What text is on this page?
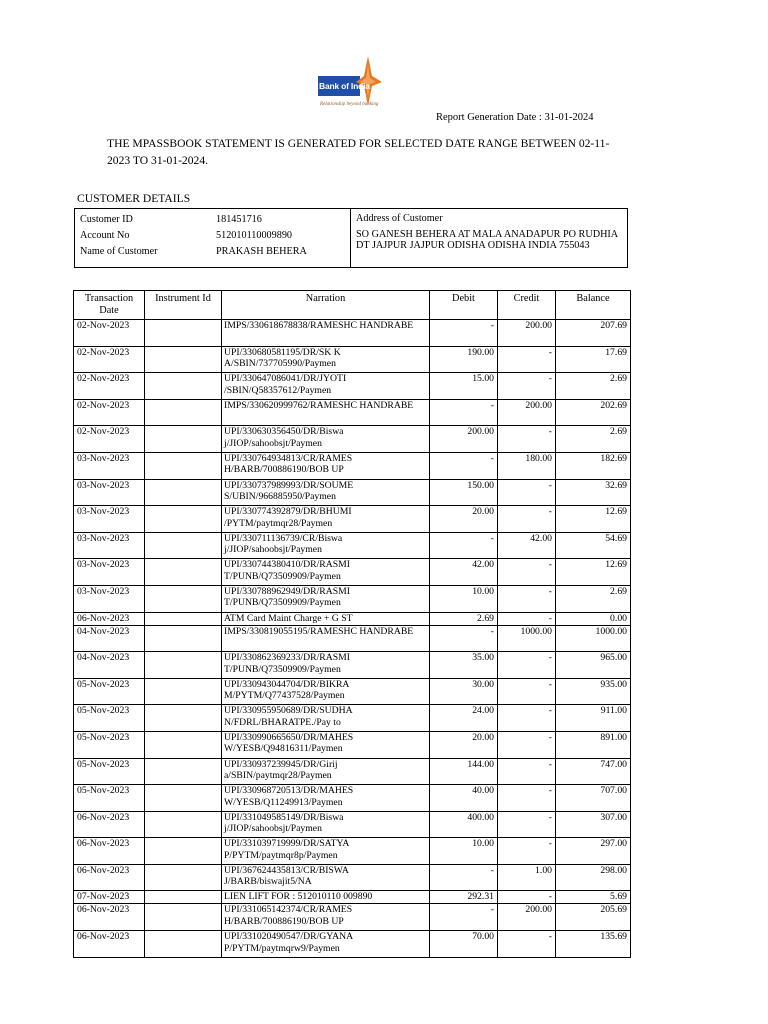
Bank of India
Relationship beyond banking
Report Generation Date : 31-01-2024
THE MPASSBOOK STATEMENT IS GENERATED FOR SELECTED DATE RANGE BETWEEN 02-11-2023 TO 31-01-2024.
CUSTOMER DETAILS
Customer ID	181451716
Account No	512010110009890
Name of Customer	PRAKASH BEHERA
Address of Customer
SO GANESH BEHERA AT MALA ANADAPUR PO RUDHIA DT JAJPUR JAJPUR ODISHA ODISHA INDIA 755043
Transaction Date	Instrument Id	Narration	Debit	Credit	Balance
02-Nov-2023		IMPS/330618678838/RAMESHC HANDRABE	-	200.00	207.69
02-Nov-2023		UPI/330680581195/DR/SK K A/SBIN/737705990/Paymen	190.00	-	17.69
02-Nov-2023		UPI/330647086041/DR/JYOTI /SBIN/Q58357612/Paymen	15.00	-	2.69
02-Nov-2023		IMPS/330620999762/RAMESHC HANDRABE	-	200.00	202.69
02-Nov-2023		UPI/330630356450/DR/Biswa j/JIOP/sahoobsjt/Paymen	200.00	-	2.69
03-Nov-2023		UPI/330764934813/CR/RAMES H/BARB/700886190/BOB UP	-	180.00	182.69
03-Nov-2023		UPI/330737989993/DR/SOUME S/UBIN/966885950/Paymen	150.00	-	32.69
03-Nov-2023		UPI/330774392879/DR/BHUMI /PYTM/paytmqr28/Paymen	20.00	-	12.69
03-Nov-2023		UPI/330711136739/CR/Biswa j/JIOP/sahoobsjt/Paymen	-	42.00	54.69
03-Nov-2023		UPI/330744380410/DR/RASMI T/PUNB/Q73509909/Paymen	42.00	-	12.69
03-Nov-2023		UPI/330788962949/DR/RASMI T/PUNB/Q73509909/Paymen	10.00	-	2.69
06-Nov-2023		ATM Card Maint Charge + G ST	2.69	-	0.00
04-Nov-2023		IMPS/330819055195/RAMESHC HANDRABE	-	1000.00	1000.00
04-Nov-2023		UPI/330862369233/DR/RASMI T/PUNB/Q73509909/Paymen	35.00	-	965.00
05-Nov-2023		UPI/330943044704/DR/BIKRA M/PYTM/Q77437528/Paymen	30.00	-	935.00
05-Nov-2023		UPI/330955950689/DR/SUDHA N/FDRL/BHARATPE./Pay to	24.00	-	911.00
05-Nov-2023		UPI/330990665650/DR/MAHES W/YESB/Q94816311/Paymen	20.00	-	891.00
05-Nov-2023		UPI/330937239945/DR/Girij a/SBIN/paytmqr28/Paymen	144.00	-	747.00
05-Nov-2023		UPI/330968720513/DR/MAHES W/YESB/Q11249913/Paymen	40.00	-	707.00
06-Nov-2023		UPI/331049585149/DR/Biswa j/JIOP/sahoobsjt/Paymen	400.00	-	307.00
06-Nov-2023		UPI/331039719999/DR/SATYA P/PYTM/paytmqr8p/Paymen	10.00	-	297.00
06-Nov-2023		UPI/367624435813/CR/BISWA J/BARB/biswajit5/NA	-	1.00	298.00
07-Nov-2023		LIEN LIFT FOR : 512010110 009890	292.31	-	5.69
06-Nov-2023		UPI/331065142374/CR/RAMES H/BARB/700886190/BOB UP	-	200.00	205.69
06-Nov-2023		UPI/331020490547/DR/GYANA P/PYTM/paytmqrw9/Paymen	70.00	-	135.69
